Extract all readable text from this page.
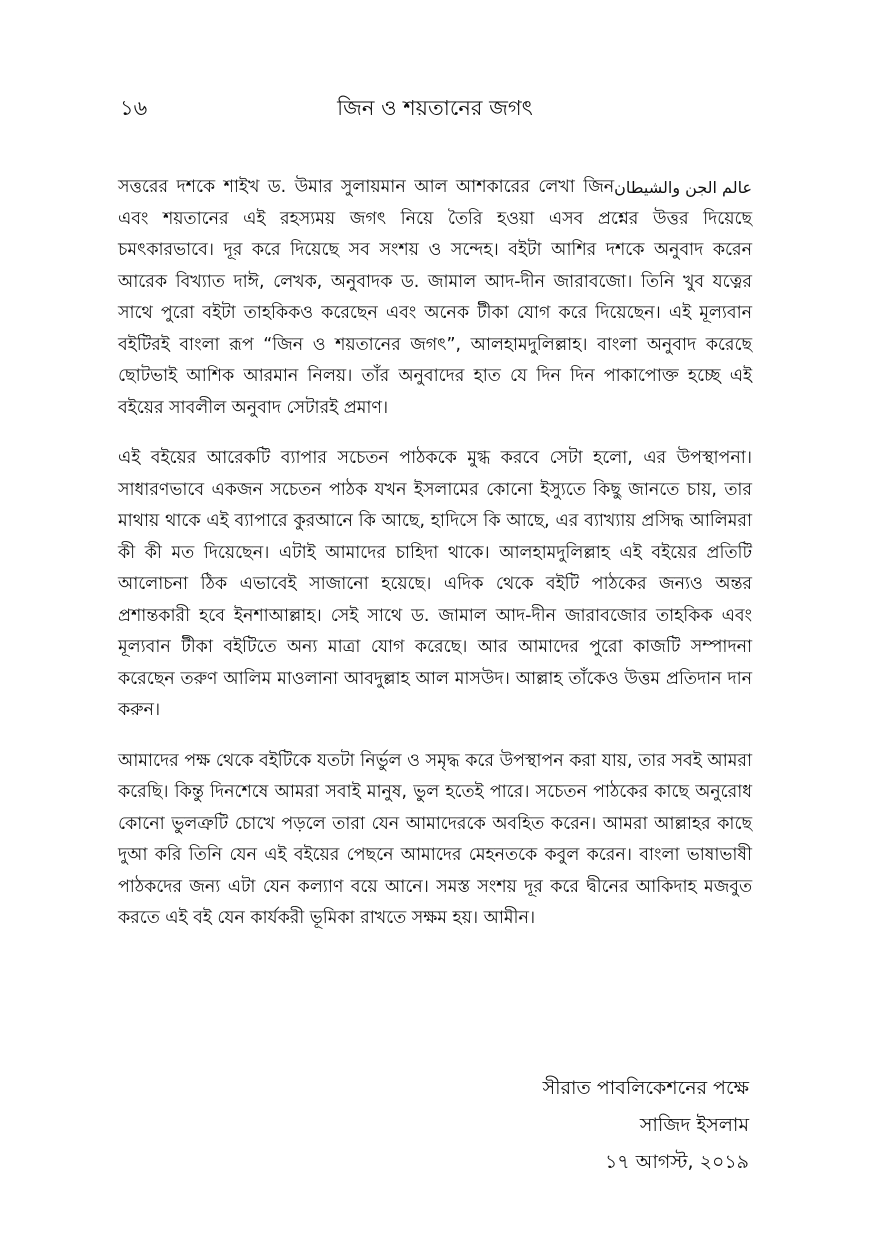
১৬	জিন ও শয়তানের জগৎ

সত্তরের দশকে শাইখ ড. উমার সুলায়মান আল আশকারের লেখা عالم الجن والشيطان
জিন এবং শয়তানের এই রহস্যময় জগৎ নিয়ে তৈরি হওয়া এসব প্রশ্নের উত্তর দিয়েছে চমৎকারভাবে। দূর করে দিয়েছে সব সংশয় ও সন্দেহ। বইটা আশির দশকে অনুবাদ করেন আরেক বিখ্যাত দাঈ, লেখক, অনুবাদক ড. জামাল আদ-দীন জারাবজো। তিনি খুব যত্নের সাথে পুরো বইটা তাহকিকও করেছেন এবং অনেক টীকা যোগ করে দিয়েছেন। এই মূল্যবান বইটিরই বাংলা রূপ “জিন ও শয়তানের জগৎ”, আলহামদুলিল্লাহ। বাংলা অনুবাদ করেছে ছোটভাই আশিক আরমান নিলয়। তাঁর অনুবাদের হাত যে দিন দিন পাকাপোক্ত হচ্ছে এই বইয়ের সাবলীল অনুবাদ সেটারই প্রমাণ।

এই বইয়ের আরেকটি ব্যাপার সচেতন পাঠককে মুগ্ধ করবে সেটা হলো, এর উপস্থাপনা। সাধারণভাবে একজন সচেতন পাঠক যখন ইসলামের কোনো ইস্যুতে কিছু জানতে চায়, তার মাথায় থাকে এই ব্যাপারে কুরআনে কি আছে, হাদিসে কি আছে, এর ব্যাখ্যায় প্রসিদ্ধ আলিমরা কী কী মত দিয়েছেন। এটাই আমাদের চাহিদা থাকে। আলহামদুলিল্লাহ এই বইয়ের প্রতিটি আলোচনা ঠিক এভাবেই সাজানো হয়েছে। এদিক থেকে বইটি পাঠকের জন্যও অন্তর প্রশান্তকারী হবে ইনশাআল্লাহ। সেই সাথে ড. জামাল আদ-দীন জারাবজোর তাহকিক এবং মূল্যবান টীকা বইটিতে অন্য মাত্রা যোগ করেছে। আর আমাদের পুরো কাজটি সম্পাদনা করেছেন তরুণ আলিম মাওলানা আবদুল্লাহ আল মাসউদ। আল্লাহ তাঁকেও উত্তম প্রতিদান দান করুন।

আমাদের পক্ষ থেকে বইটিকে যতটা নির্ভুল ও সমৃদ্ধ করে উপস্থাপন করা যায়, তার সবই আমরা করেছি। কিন্তু দিনশেষে আমরা সবাই মানুষ, ভুল হতেই পারে। সচেতন পাঠকের কাছে অনুরোধ কোনো ভুলত্রুটি চোখে পড়লে তারা যেন আমাদেরকে অবহিত করেন। আমরা আল্লাহর কাছে দুআ করি তিনি যেন এই বইয়ের পেছনে আমাদের মেহনতকে কবুল করেন। বাংলা ভাষাভাষী পাঠকদের জন্য এটা যেন কল্যাণ বয়ে আনে। সমস্ত সংশয় দূর করে দ্বীনের আকিদাহ মজবুত করতে এই বই যেন কার্যকরী ভূমিকা রাখতে সক্ষম হয়। আমীন।

সীরাত পাবলিকেশনের পক্ষে
সাজিদ ইসলাম
১৭ আগস্ট, ২০১৯
